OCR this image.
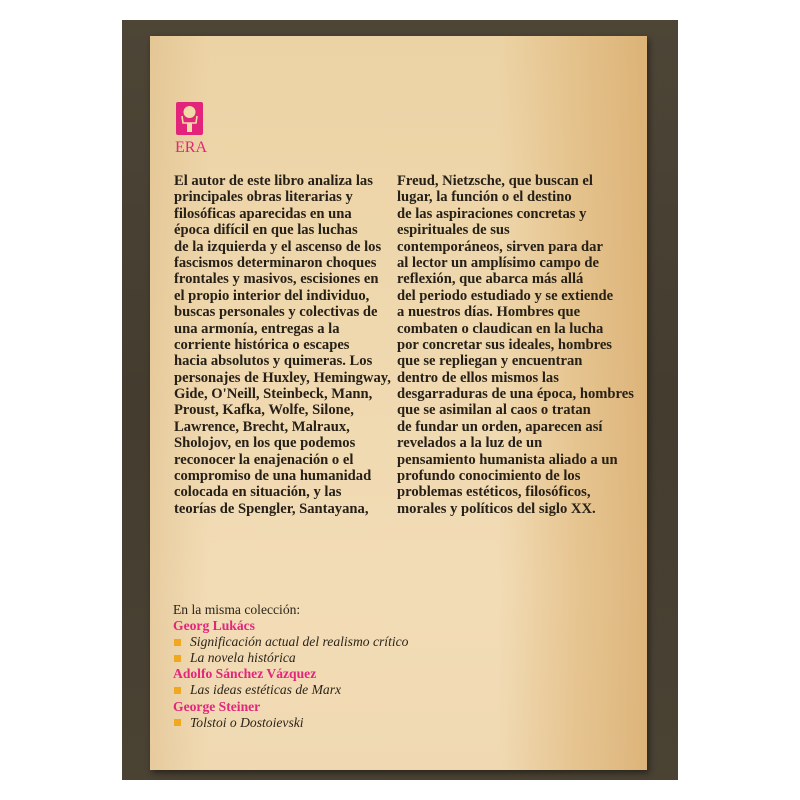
ERA
El autor de este libro analiza las
principales obras literarias y
filosóficas aparecidas en una
época difícil en que las luchas
de la izquierda y el ascenso de los
fascismos determinaron choques
frontales y masivos, escisiones en
el propio interior del individuo,
buscas personales y colectivas de
una armonía, entregas a la
corriente histórica o escapes
hacia absolutos y quimeras. Los
personajes de Huxley, Hemingway,
Gide, O'Neill, Steinbeck, Mann,
Proust, Kafka, Wolfe, Silone,
Lawrence, Brecht, Malraux,
Sholojov, en los que podemos
reconocer la enajenación o el
compromiso de una humanidad
colocada en situación, y las
teorías de Spengler, Santayana,
Freud, Nietzsche, que buscan el
lugar, la función o el destino
de las aspiraciones concretas y
espirituales de sus
contemporáneos, sirven para dar
al lector un amplísimo campo de
reflexión, que abarca más allá
del periodo estudiado y se extiende
a nuestros días. Hombres que
combaten o claudican en la lucha
por concretar sus ideales, hombres
que se repliegan y encuentran
dentro de ellos mismos las
desgarraduras de una época, hombres
que se asimilan al caos o tratan
de fundar un orden, aparecen así
revelados a la luz de un
pensamiento humanista aliado a un
profundo conocimiento de los
problemas estéticos, filosóficos,
morales y políticos del siglo XX.
En la misma colección:
Georg Lukács
Significación actual del realismo crítico
La novela histórica
Adolfo Sánchez Vázquez
Las ideas estéticas de Marx
George Steiner
Tolstoi o Dostoievski
